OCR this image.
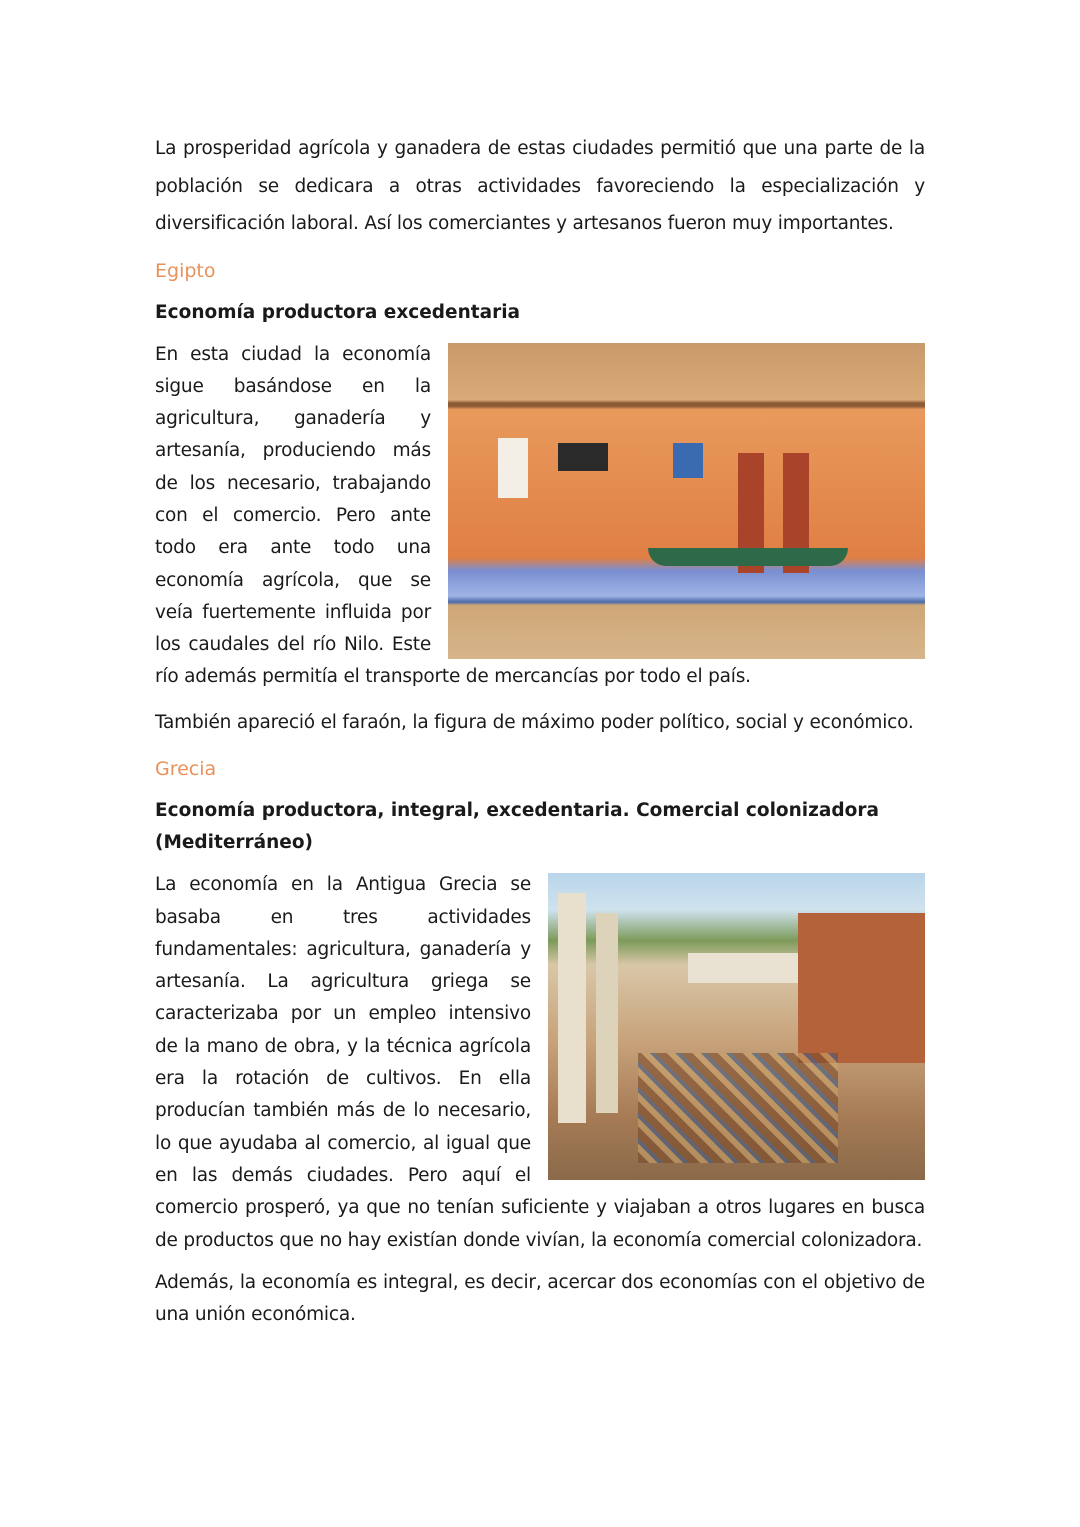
La prosperidad agrícola y ganadera de estas ciudades permitió que una parte de la población se dedicara a otras actividades favoreciendo la especialización y diversificación laboral. Así los comerciantes y artesanos fueron muy importantes.

Egipto
Economía productora excedentaria

En esta ciudad la economía sigue basándose en la agricultura, ganadería y artesanía, produciendo más de los necesario, trabajando con el comercio. Pero ante todo era ante todo una economía agrícola, que se veía fuertemente influida por los caudales del río Nilo. Este río además permitía el transporte de mercancías por todo el país.

También apareció el faraón, la figura de máximo poder político, social y económico.

Grecia
Economía productora, integral, excedentaria. Comercial colonizadora (Mediterráneo)

La economía en la Antigua Grecia se basaba en tres actividades fundamentales: agricultura, ganadería y artesanía. La agricultura griega se caracterizaba por un empleo intensivo de la mano de obra, y la técnica agrícola era la rotación de cultivos. En ella producían también más de lo necesario, lo que ayudaba al comercio, al igual que en las demás ciudades. Pero aquí el comercio prosperó, ya que no tenían suficiente y viajaban a otros lugares en busca de productos que no hay existían donde vivían, la economía comercial colonizadora.

Además, la economía es integral, es decir, acercar dos economías con el objetivo de una unión económica.
